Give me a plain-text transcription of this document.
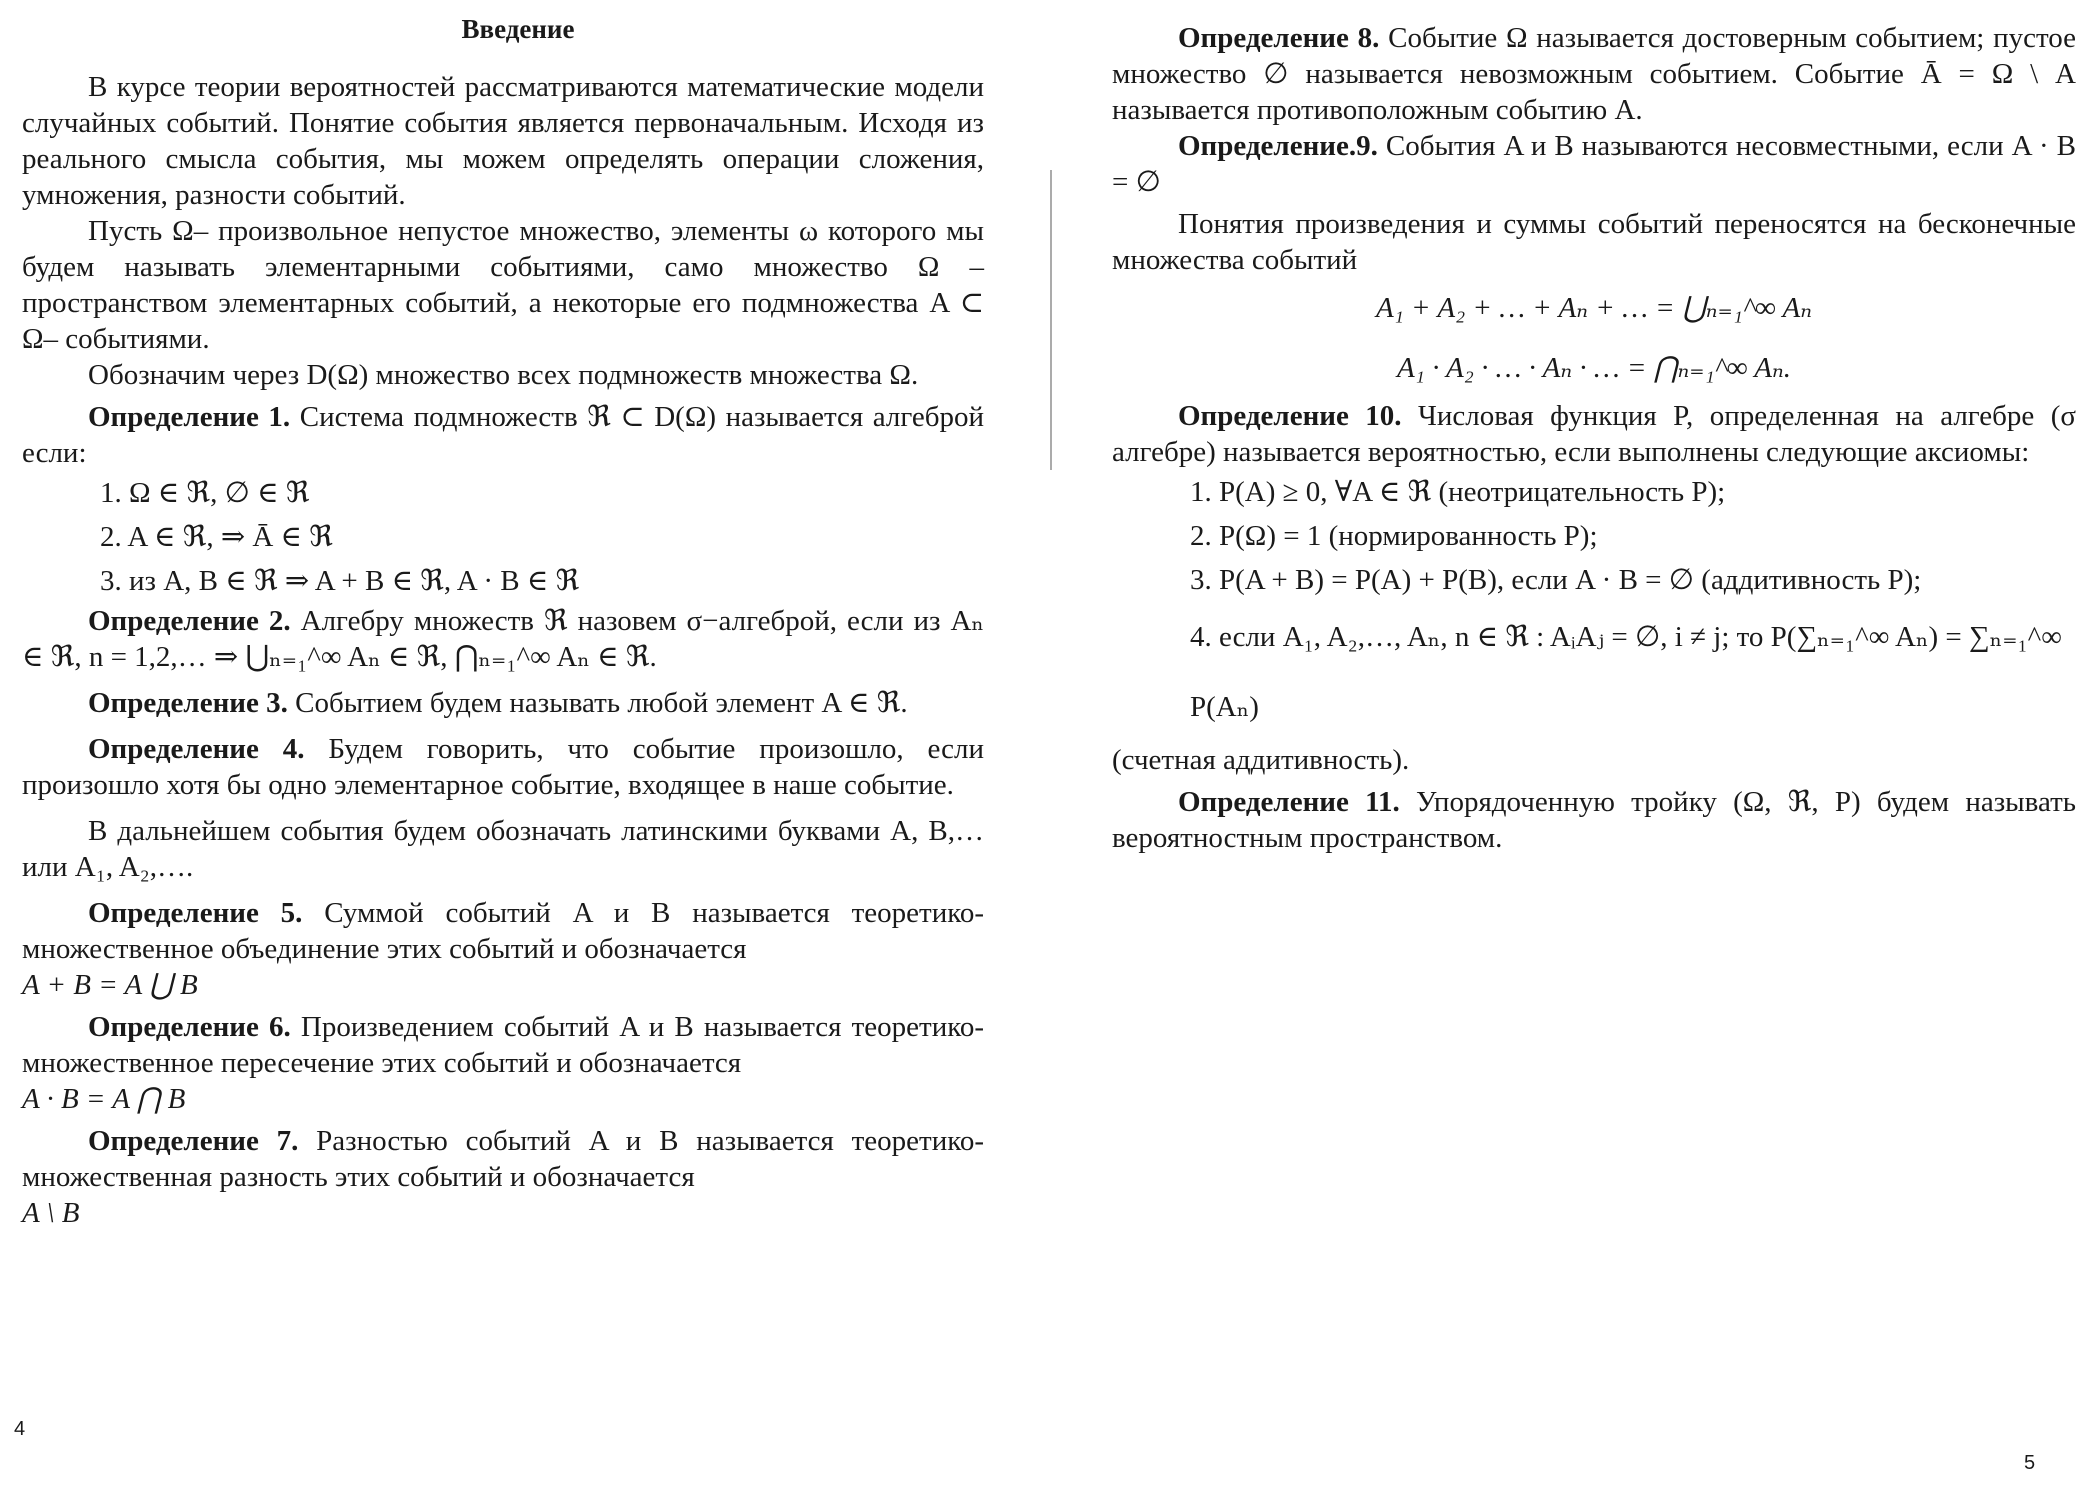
Введение

В курсе теории вероятностей рассматриваются математические модели случайных событий. Понятие события является первоначальным. Исходя из реального смысла события, мы можем определять операции сложения, умножения, разности событий.

Пусть Ω– произвольное непустое множество, элементы ω которого мы будем называть элементарными событиями, само множество Ω – пространством элементарных событий, а некоторые его подмножества A ⊂ Ω– событиями.

Обозначим через D(Ω) множество всех подмножеств множества Ω.

Определение 1. Система подмножеств ℜ ⊂ D(Ω) называется алгеброй если:

1. Ω ∈ ℜ, ∅ ∈ ℜ
2. A ∈ ℜ, ⇒ Ā ∈ ℜ
3. из A, B ∈ ℜ ⇒ A + B ∈ ℜ, A · B ∈ ℜ

Определение 2. Алгебру множеств ℜ назовем σ−алгеброй, если из Aₙ ∈ ℜ, n = 1,2,… ⇒ ⋃ₙ₌₁^∞ Aₙ ∈ ℜ, ⋂ₙ₌₁^∞ Aₙ ∈ ℜ.

Определение 3. Событием будем называть любой элемент A ∈ ℜ.

Определение 4. Будем говорить, что событие произошло, если произошло хотя бы одно элементарное событие, входящее в наше событие.

В дальнейшем события будем обозначать латинскими буквами A, B,… или A₁, A₂,….

Определение 5. Суммой событий A и B называется теоретико-множественное объединение этих событий и обозначается

A + B = A ⋃ B

Определение 6. Произведением событий A и B называется теоретико-множественное пересечение этих событий и обозначается

A · B = A ⋂ B

Определение 7. Разностью событий A и B называется теоретико-множественная разность этих событий и обозначается

A \ B

Определение 8. Событие Ω называется достоверным событием; пустое множество ∅ называется невозможным событием. Событие Ā = Ω \ A называется противоположным событию A.

Определение.9. События A и B называются несовместными, если A · B = ∅

Понятия произведения и суммы событий переносятся на бесконечные множества событий

A₁ + A₂ + … + Aₙ + … = ⋃ₙ₌₁^∞ Aₙ
A₁ · A₂ · … · Aₙ · … = ⋂ₙ₌₁^∞ Aₙ.

Определение 10. Числовая функция P, определенная на алгебре (σ алгебре) называется вероятностью, если выполнены следующие аксиомы:

1. P(A) ≥ 0, ∀A ∈ ℜ (неотрицательность P);
2. P(Ω) = 1 (нормированность P);
3. P(A + B) = P(A) + P(B), если A · B = ∅ (аддитивность P);
4. если A₁, A₂,…, Aₙ, n ∈ ℜ : AᵢAⱼ = ∅, i ≠ j; то P(∑ₙ₌₁^∞ Aₙ) = ∑ₙ₌₁^∞ P(Aₙ)

(счетная аддитивность).

Определение 11. Упорядоченную тройку (Ω, ℜ, P) будем называть вероятностным пространством.

4
5
